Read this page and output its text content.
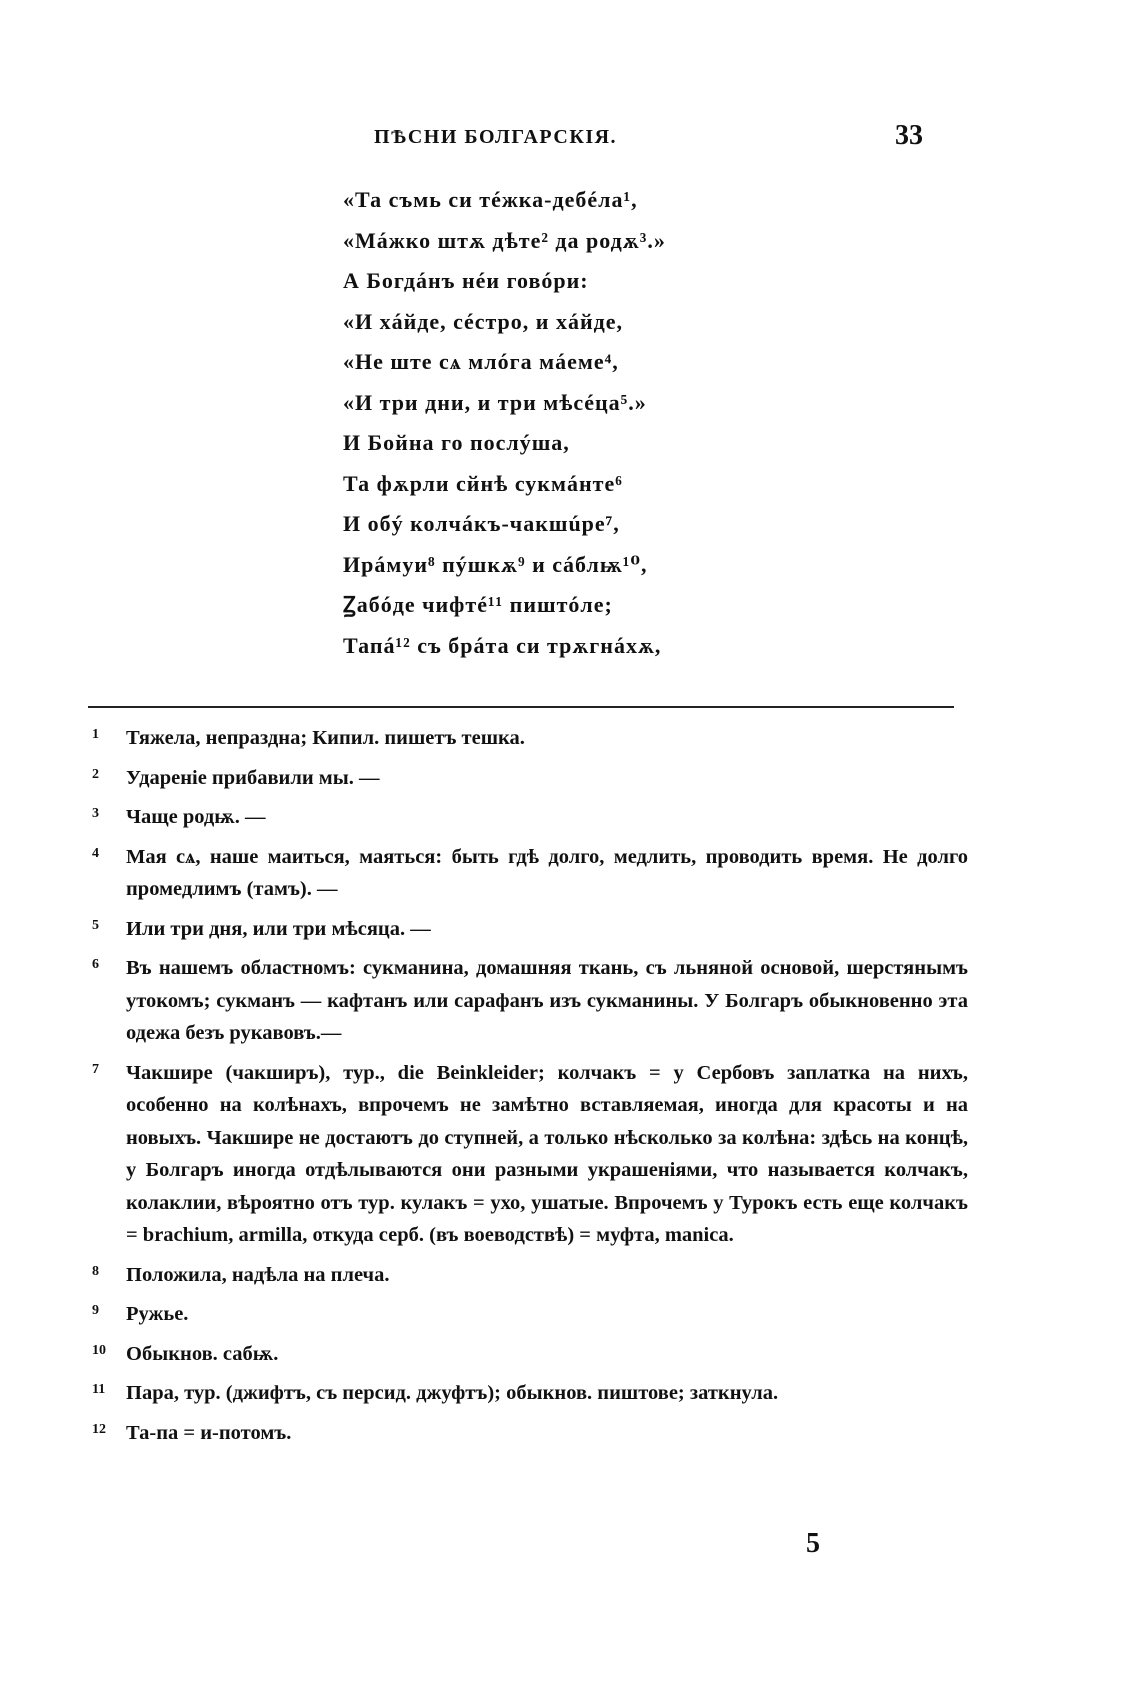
ПѢСНИ БОЛГАРСКIЯ.	33
«Та съмь си тéжка-дебéла¹,
«Мáжко штѫ дѣте² да родѫ³.»
А Богдáнъ нéи говóри:
«И хáйде, сéстро, и хáйде,
«Не ште сѧ млóга мáеме⁴,
«И три дни, и три мѣсéца⁵.»
И Бойна го послýша,
Та фѫрли сйнѣ сукмáнте⁶
И обý колчáкъ-чакшúре⁷,
Ирáмуи⁸ пýшкѫ⁹ и сáблѭ¹⁰,
Ꙁабóде чифтé¹¹ пиштóле;
Тапá¹² съ брáта си трѫгнáхѫ,
1 Тяжела, непраздна; Кипил. пишетъ тешка.
2 Удареніе прибавили мы. —
3 Чаще родѭ. —
4 Мая сѧ, наше маиться, маяться: быть гдѣ долго, медлить, проводить время. Не долго промедлимъ (тамъ). —
5 Или три дня, или три мѣсяца. —
6 Въ нашемъ областномъ: сукманина, домашняя ткань, съ льняной основой, шерстянымъ утокомъ; сукманъ — кафтанъ или сарафанъ изъ сукманины. У Болгаръ обыкновенно эта одежа безъ рукавовъ.—
7 Чакшире (чакширъ), тур., die Beinkleider; колчакъ = у Сербовъ заплатка на нихъ, особенно на колѣнахъ, впрочемъ не замѣтно вставляемая, иногда для красоты и на новыхъ. Чакшире не достаютъ до ступней, а только нѣсколько за колѣна: здѣсь на концѣ, у Болгаръ иногда отдѣлываются они разными украшеніями, что называется колчакъ, колаклии, вѣроятно отъ тур. кулакъ = ухо, ушатые. Впрочемъ у Турокъ есть еще колчакъ = brachium, armilla, откуда серб. (въ воеводствѣ) = муфта, manica.
8 Положила, надѣла на плеча.
9 Ружье.
10 Обыкнов. сабѭ.
11 Пара, тур. (джифтъ, съ персид. джуфтъ); обыкнов. пиштове; заткнула.
12 Та-па = и-потомъ.
5
